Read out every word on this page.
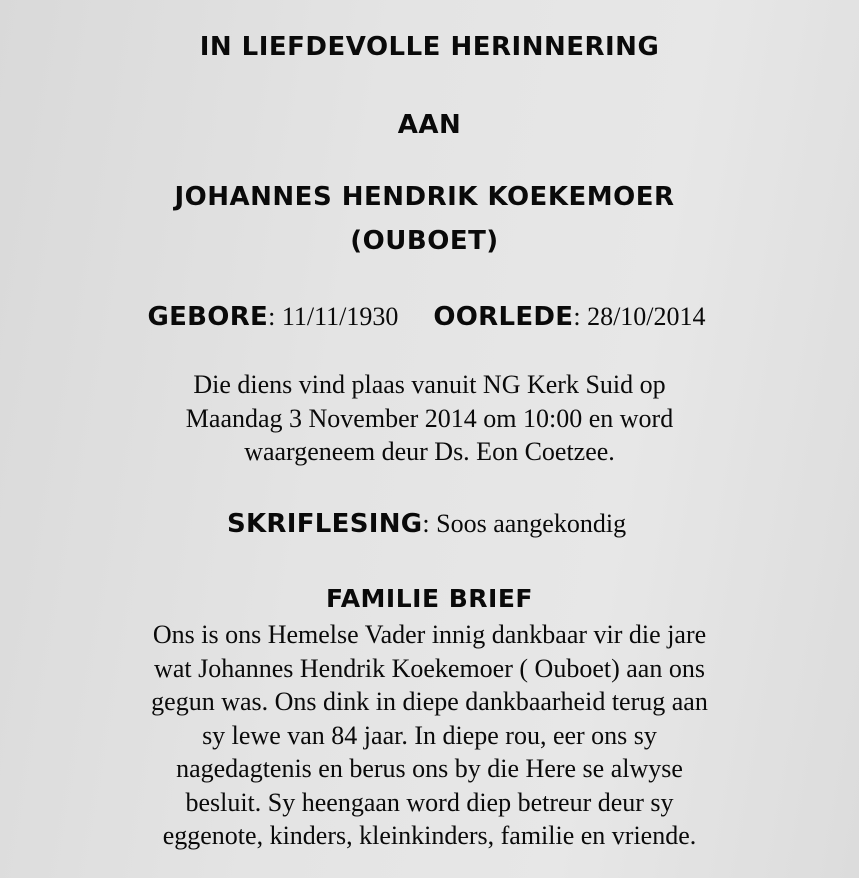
IN LIEFDEVOLLE HERINNERING
AAN
JOHANNES HENDRIK KOEKEMOER
(OUBOET)
GEBORE: 11/11/1930 OORLEDE: 28/10/2014
Die diens vind plaas vanuit NG Kerk Suid op
Maandag 3 November 2014 om 10:00 en word
waargeneem deur Ds. Eon Coetzee.
SKRIFLESING: Soos aangekondig
FAMILIE BRIEF
Ons is ons Hemelse Vader innig dankbaar vir die jare
wat Johannes Hendrik Koekemoer ( Ouboet) aan ons
gegun was. Ons dink in diepe dankbaarheid terug aan
sy lewe van 84 jaar. In diepe rou, eer ons sy
nagedagtenis en berus ons by die Here se alwyse
besluit. Sy heengaan word diep betreur deur sy
eggenote, kinders, kleinkinders, familie en vriende.
